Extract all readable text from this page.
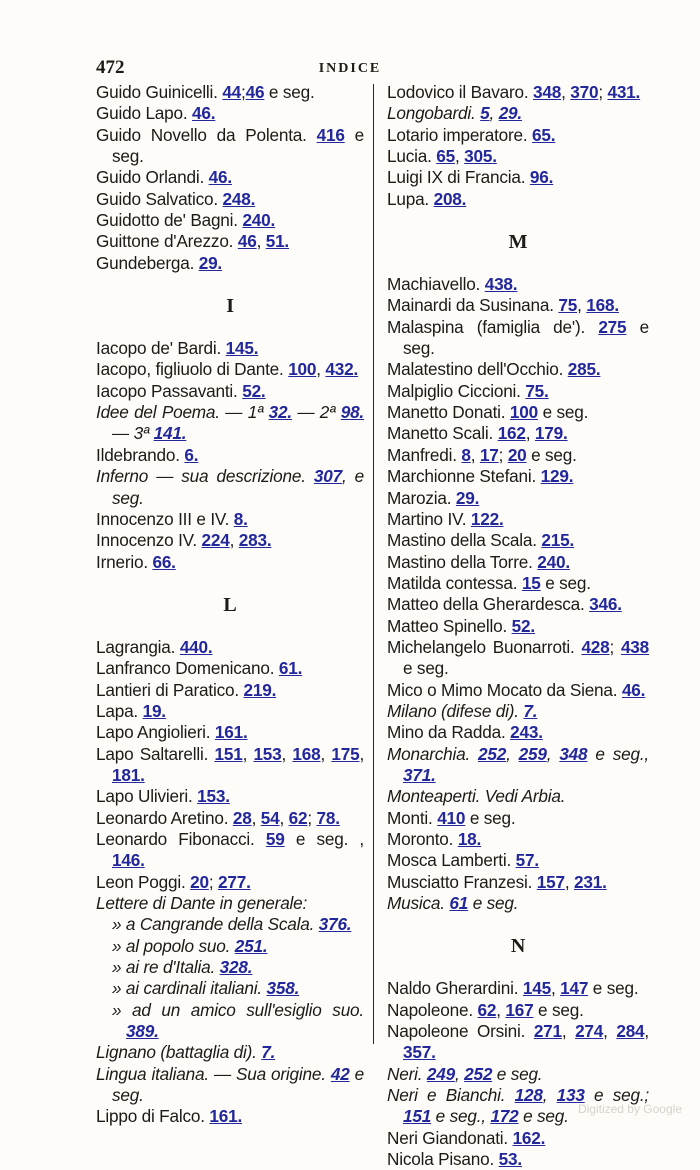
472	INDICE
Guido Guinicelli. 44;46 e seg.
Guido Lapo. 46.
Guido Novello da Polenta. 416 e seg.
Guido Orlandi. 46.
Guido Salvatico. 248.
Guidotto de' Bagni. 240.
Guittone d'Arezzo. 46, 51.
Gundeberga. 29.
I
Iacopo de' Bardi. 145.
Iacopo, figliuolo di Dante. 100, 432.
Iacopo Passavanti. 52.
Idee del Poema. — 1ª 32. — 2ª 98. — 3ª 141.
Ildebrando. 6.
Inferno — sua descrizione. 307, e seg.
Innocenzo III e IV. 8.
Innocenzo IV. 224, 283.
Irnerio. 66.
L
Lagrangia. 440.
Lanfranco Domenicano. 61.
Lantieri di Paratico. 219.
Lapa. 19.
Lapo Angiolieri. 161.
Lapo Saltarelli. 151, 153, 168, 175, 181.
Lapo Ulivieri. 153.
Leonardo Aretino. 28, 54, 62; 78.
Leonardo Fibonacci. 59 e seg. , 146.
Leon Poggi. 20; 277.
Lettere di Dante in generale:
» a Cangrande della Scala. 376.
» al popolo suo. 251.
» ai re d'Italia. 328.
» ai cardinali italiani. 358.
» ad un amico sull'esiglio suo. 389.
Lignano (battaglia di). 7.
Lingua italiana. — Sua origine. 42 e seg.
Lippo di Falco. 161.
Lodovico il Bavaro. 348, 370; 431.
Longobardi. 5, 29.
Lotario imperatore. 65.
Lucia. 65, 305.
Luigi IX di Francia. 96.
Lupa. 208.
M
Machiavello. 438.
Mainardi da Susinana. 75, 168.
Malaspina (famiglia de'). 275 e seg.
Malatestino dell'Occhio. 285.
Malpiglio Ciccioni. 75.
Manetto Donati. 100 e seg.
Manetto Scali. 162, 179.
Manfredi. 8, 17; 20 e seg.
Marchionne Stefani. 129.
Marozia. 29.
Martino IV. 122.
Mastino della Scala. 215.
Mastino della Torre. 240.
Matilda contessa. 15 e seg.
Matteo della Gherardesca. 346.
Matteo Spinello. 52.
Michelangelo Buonarroti. 428; 438 e seg.
Mico o Mimo Mocato da Siena. 46.
Milano (difese di). 7.
Mino da Radda. 243.
Monarchia. 252, 259, 348 e seg., 371.
Monteaperti. Vedi Arbia.
Monti. 410 e seg.
Moronto. 18.
Mosca Lamberti. 57.
Musciatto Franzesi. 157, 231.
Musica. 61 e seg.
N
Naldo Gherardini. 145, 147 e seg.
Napoleone. 62, 167 e seg.
Napoleone Orsini. 271, 274, 284, 357.
Neri. 249, 252 e seg.
Neri e Bianchi. 128, 133 e seg.; 151 e seg., 172 e seg.
Neri Giandonati. 162.
Nicola Pisano. 53.
Digitized by Google
